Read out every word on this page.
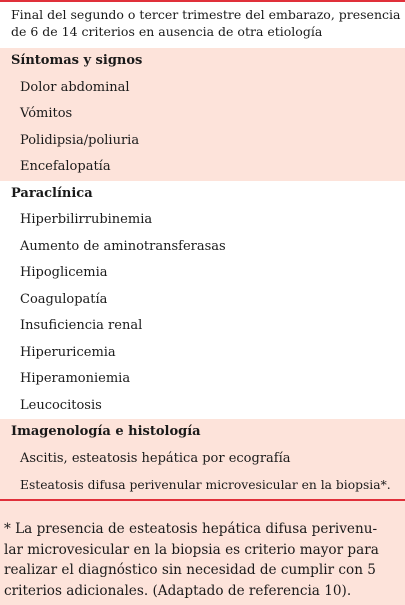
Final del segundo o tercer trimestre del embarazo, presencia
de 6 de 14 criterios en ausencia de otra etiología
Síntomas y signos
Dolor abdominal
Vómitos
Polidipsia/poliuria
Encefalopatía
Paraclínica
Hiperbilirrubinemia
Aumento de aminotransferasas
Hipoglicemia
Coagulopatía
Insuficiencia renal
Hiperuricemia
Hiperamoniemia
Leucocitosis
Imagenología e histología
Ascitis, esteatosis hepática por ecografía
Esteatosis difusa perivenular microvesicular en la biopsia*.
* La presencia de esteatosis hepática difusa perivenu-
lar microvesicular en la biopsia es criterio mayor para
realizar el diagnóstico sin necesidad de cumplir con 5
criterios adicionales. (Adaptado de referencia 10).
